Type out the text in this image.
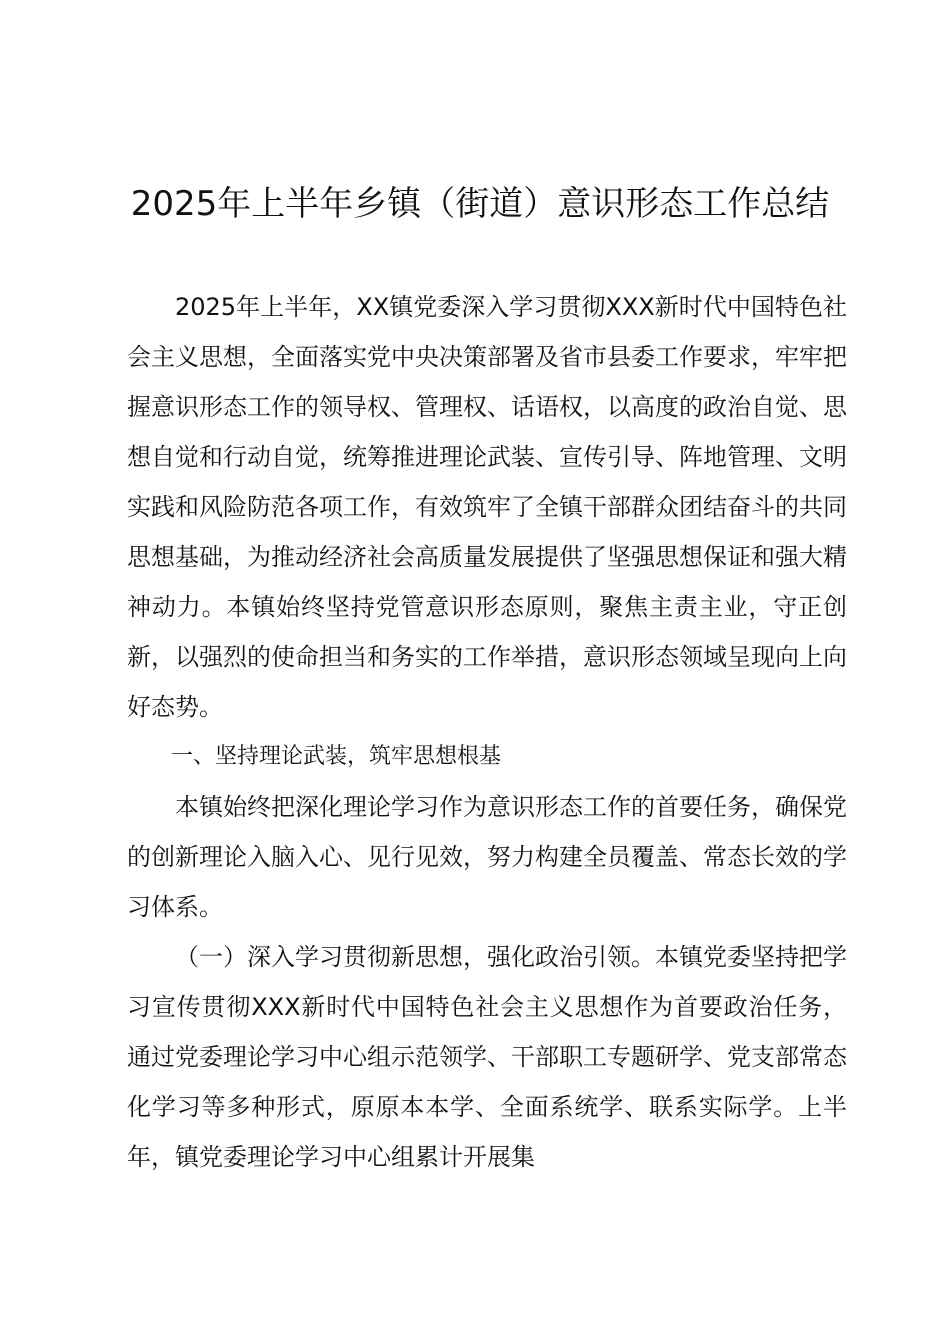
2025年上半年乡镇（街道）意识形态工作总结

2025年上半年，XX镇党委深入学习贯彻XXX新时代中国特色社会主义思想，全面落实党中央决策部署及省市县委工作要求，牢牢把握意识形态工作的领导权、管理权、话语权，以高度的政治自觉、思想自觉和行动自觉，统筹推进理论武装、宣传引导、阵地管理、文明实践和风险防范各项工作，有效筑牢了全镇干部群众团结奋斗的共同思想基础，为推动经济社会高质量发展提供了坚强思想保证和强大精神动力。本镇始终坚持党管意识形态原则，聚焦主责主业，守正创新，以强烈的使命担当和务实的工作举措，意识形态领域呈现向上向好态势。

一、坚持理论武装，筑牢思想根基

本镇始终把深化理论学习作为意识形态工作的首要任务，确保党的创新理论入脑入心、见行见效，努力构建全员覆盖、常态长效的学习体系。

（一）深入学习贯彻新思想，强化政治引领。本镇党委坚持把学习宣传贯彻XXX新时代中国特色社会主义思想作为首要政治任务，通过党委理论学习中心组示范领学、干部职工专题研学、党支部常态化学习等多种形式，原原本本学、全面系统学、联系实际学。上半年，镇党委理论学习中心组累计开展集
